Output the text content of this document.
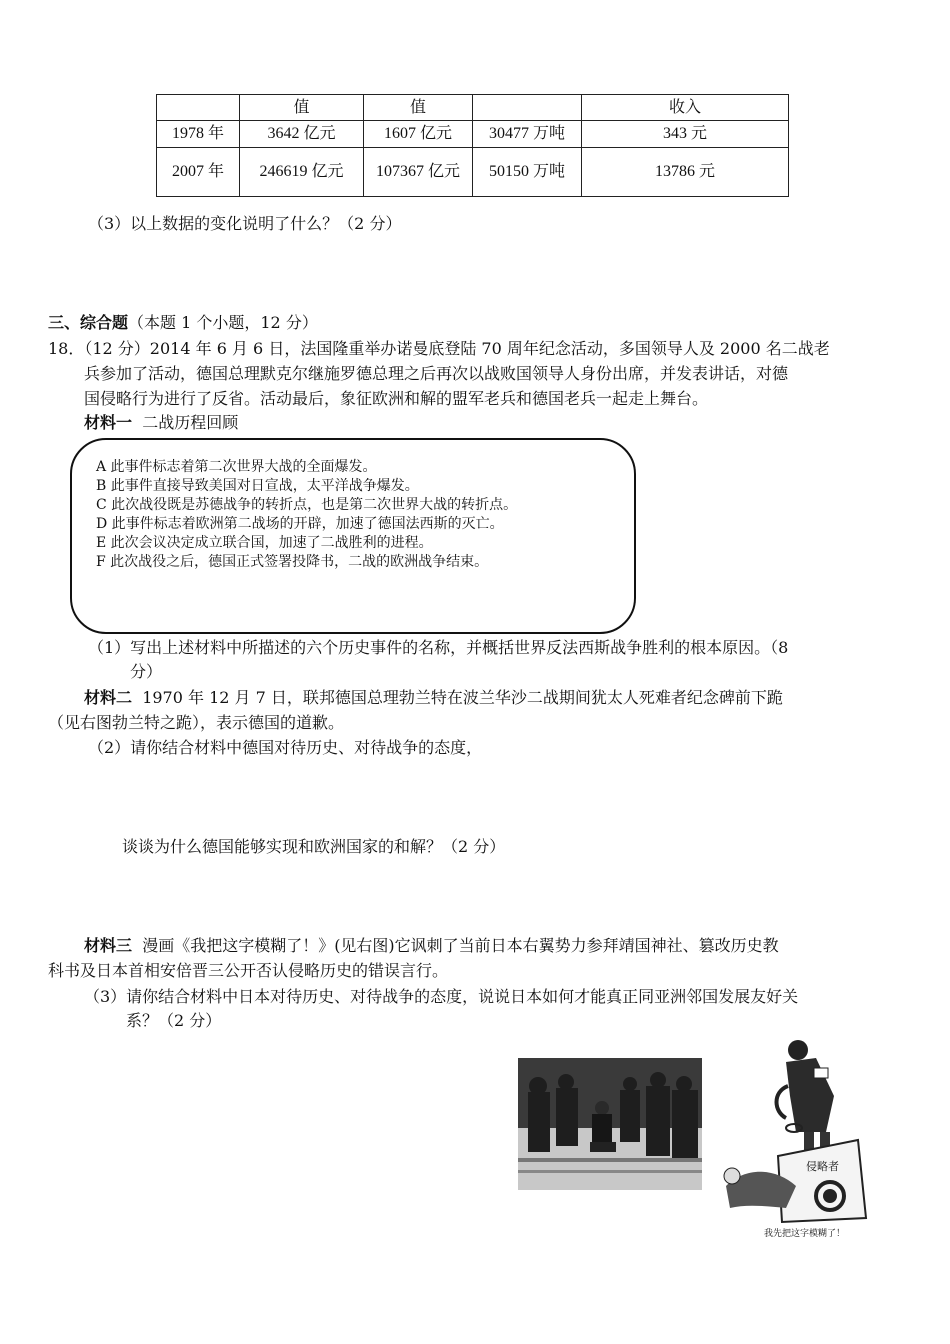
	值	值		收入
1978 年	3642 亿元	1607 亿元	30477 万吨	343 元
2007 年	246619 亿元	107367 亿元	50150 万吨	13786 元
（3）以上数据的变化说明了什么？（2 分）
三、综合题（本题 1 个小题，12 分）
18．（12 分）2014 年 6 月 6 日，法国隆重举办诺曼底登陆 70 周年纪念活动，多国领导人及 2000 名二战老
兵参加了活动，德国总理默克尔继施罗德总理之后再次以战败国领导人身份出席，并发表讲话，对德
国侵略行为进行了反省。活动最后，象征欧洲和解的盟军老兵和德国老兵一起走上舞台。
材料一 二战历程回顾
A 此事件标志着第二次世界大战的全面爆发。
B 此事件直接导致美国对日宣战，太平洋战争爆发。
C 此次战役既是苏德战争的转折点，也是第二次世界大战的转折点。
D 此事件标志着欧洲第二战场的开辟，加速了德国法西斯的灭亡。
E 此次会议决定成立联合国，加速了二战胜利的进程。
F 此次战役之后，德国正式签署投降书，二战的欧洲战争结束。
（1）写出上述材料中所描述的六个历史事件的名称，并概括世界反法西斯战争胜利的根本原因。（8
分）
材料二 1970 年 12 月 7 日，联邦德国总理勃兰特在波兰华沙二战期间犹太人死难者纪念碑前下跪
（见右图勃兰特之跪），表示德国的道歉。
（2）请你结合材料中德国对待历史、对待战争的态度，
谈谈为什么德国能够实现和欧洲国家的和解？（2 分）
材料三 漫画《我把这字模糊了！》(见右图)它讽刺了当前日本右翼势力参拜靖国神社、篡改历史教
科书及日本首相安倍晋三公开否认侵略历史的错误言行。
（3）请你结合材料中日本对待历史、对待战争的态度，说说日本如何才能真正同亚洲邻国发展友好关
系？（2 分）
侵略者
我先把这字模糊了！
